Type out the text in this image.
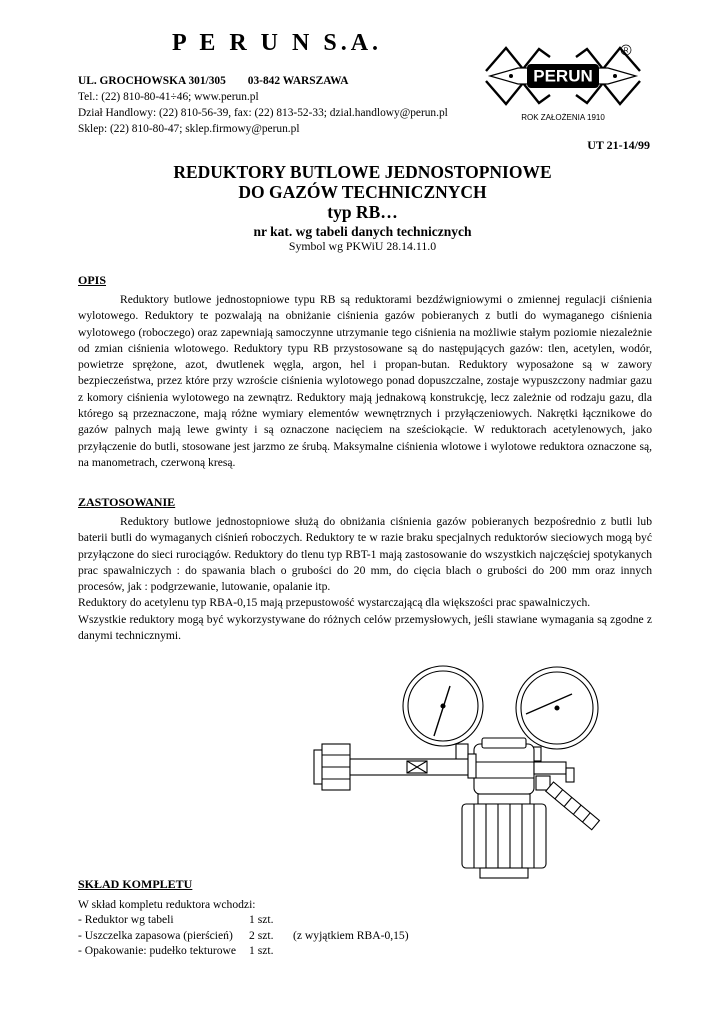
P E R U N S.A.
UL. GROCHOWSKA 301/305 03-842 WARSZAWA
Tel.: (22) 810-80-41÷46; www.perun.pl
Dział Handlowy: (22) 810-56-39, fax: (22) 813-52-33; dzial.handlowy@perun.pl
Sklep: (22) 810-80-47; sklep.firmowy@perun.pl
PERUN
R
ROK ZAŁOŻENIA 1910
UT 21-14/99
REDUKTORY BUTLOWE JEDNOSTOPNIOWE
DO GAZÓW TECHNICZNYCH
typ RB…
nr kat. wg tabeli danych technicznych
Symbol wg PKWiU 28.14.11.0
OPIS

Reduktory butlowe jednostopniowe typu RB są reduktorami bezdźwigniowymi o zmiennej regulacji ciśnienia wylotowego. Reduktory te pozwalają na obniżanie ciśnienia gazów pobieranych z butli do wymaganego ciśnienia wylotowego (roboczego) oraz zapewniają samoczynne utrzymanie tego ciśnienia na możliwie stałym poziomie niezależnie od zmian ciśnienia wlotowego. Reduktory typu RB przystosowane są do następujących gazów: tlen, acetylen, wodór, powietrze sprężone, azot, dwutlenek węgla, argon, hel i propan-butan. Reduktory wyposażone są w zawory bezpieczeństwa, przez które przy wzroście ciśnienia wylotowego ponad dopuszczalne, zostaje wypuszczony nadmiar gazu z komory ciśnienia wylotowego na zewnątrz. Reduktory mają jednakową konstrukcję, lecz zależnie od rodzaju gazu, dla którego są przeznaczone, mają różne wymiary elementów wewnętrznych i przyłączeniowych. Nakrętki łącznikowe do gazów palnych mają lewe gwinty i są oznaczone nacięciem na sześciokącie. W reduktorach acetylenowych, jako przyłączenie do butli, stosowane jest jarzmo ze śrubą. Maksymalne ciśnienia wlotowe i wylotowe reduktora oznaczone są, na manometrach, czerwoną kresą.

ZASTOSOWANIE

Reduktory butlowe jednostopniowe służą do obniżania ciśnienia gazów pobieranych bezpośrednio z butli lub baterii butli do wymaganych ciśnień roboczych. Reduktory te w razie braku specjalnych reduktorów sieciowych mogą być przyłączone do sieci rurociągów. Reduktory do tlenu typ RBT-1 mają zastosowanie do wszystkich najczęściej spotykanych prac spawalniczych : do spawania blach o grubości do 20 mm, do cięcia blach o grubości do 200 mm oraz innych procesów, jak : podgrzewanie, lutowanie, opalanie itp.

Reduktory do acetylenu typ RBA-0,15 mają przepustowość wystarczającą dla większości prac spawalniczych.

Wszystkie reduktory mogą być wykorzystywane do różnych celów przemysłowych, jeśli stawiane wymagania są zgodne z danymi technicznymi.

SKŁAD KOMPLETU
W skład kompletu reduktora wchodzi:
- Reduktor wg tabeli	1 szt.
- Uszczelka zapasowa (pierścień) 2 szt. (z wyjątkiem RBA-0,15)
- Opakowanie: pudełko tekturowe 1 szt.
